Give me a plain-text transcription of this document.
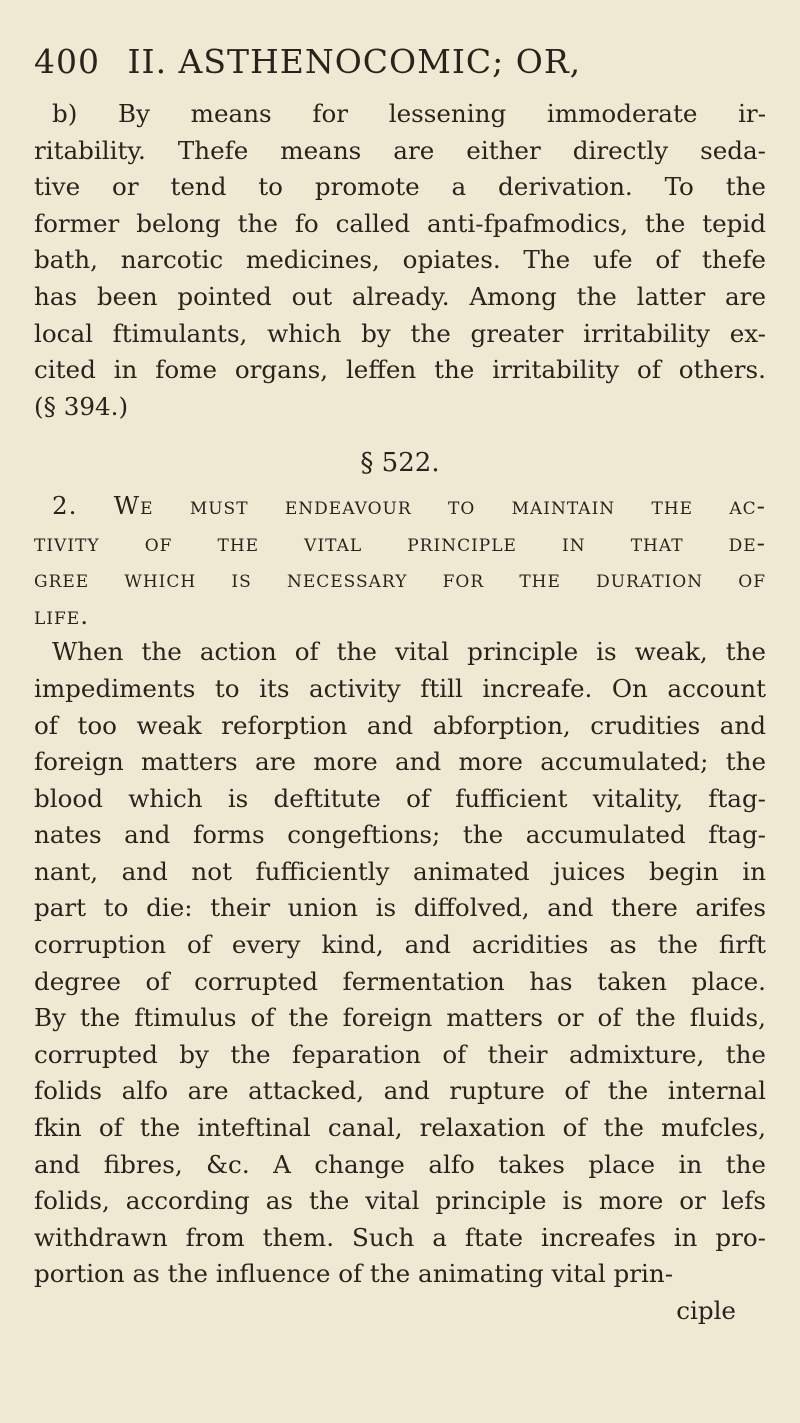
400 II. ASTHENOCOMIC; OR,
b) By means for lessening immoderate ir-
ritability. Thefe means are either directly seda-
tive or tend to promote a derivation. To the
former belong the fo called anti-fpafmodics, the tepid
bath, narcotic medicines, opiates. The ufe of thefe
has been pointed out already. Among the latter are
local ftimulants, which by the greater irritability ex-
cited in fome organs, leffen the irritability of others.
(§ 394.)
§ 522.
2. We must endeavour to maintain the ac-
tivity of the vital principle in that de-
gree which is necessary for the duration of
life.
When the action of the vital principle is weak, the
impediments to its activity ftill increafe. On account
of too weak reforption and abforption, crudities and
foreign matters are more and more accumulated; the
blood which is deftitute of fufficient vitality, ftag-
nates and forms congeftions; the accumulated ftag-
nant, and not fufficiently animated juices begin in
part to die: their union is diffolved, and there arifes
corruption of every kind, and acridities as the firft
degree of corrupted fermentation has taken place.
By the ftimulus of the foreign matters or of the fluids,
corrupted by the feparation of their admixture, the
folids alfo are attacked, and rupture of the internal
fkin of the inteftinal canal, relaxation of the mufcles,
and fibres, &c. A change alfo takes place in the
folids, according as the vital principle is more or lefs
withdrawn from them. Such a ftate increafes in pro-
portion as the influence of the animating vital prin-
ciple
